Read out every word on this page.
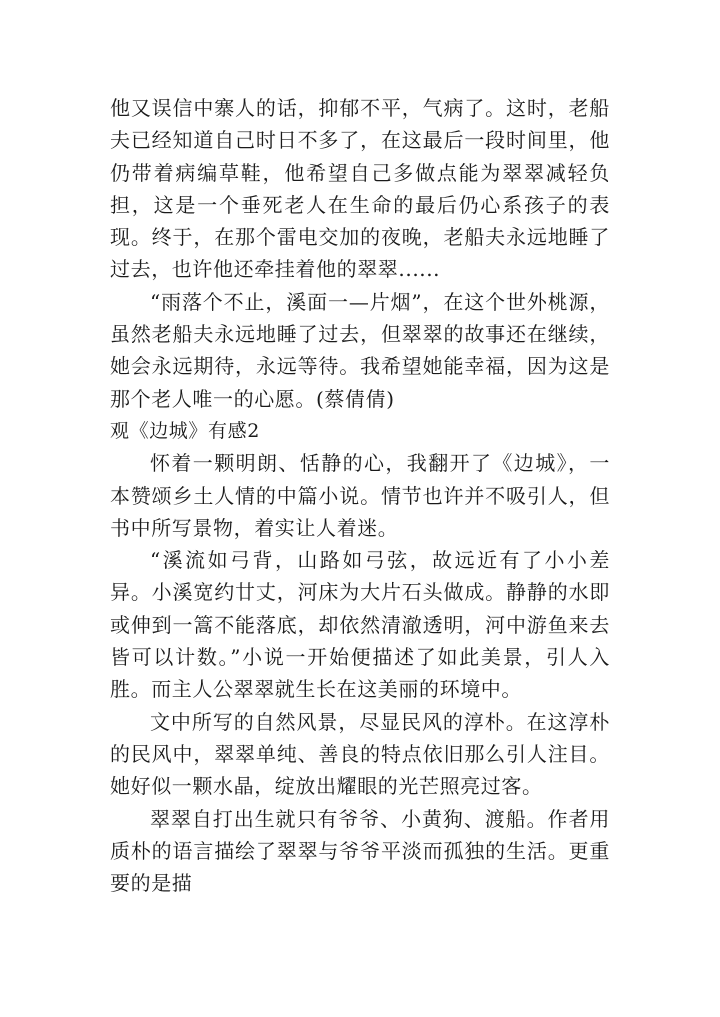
他又误信中寨人的话，抑郁不平，气病了。这时，老船夫已经知道自己时日不多了，在这最后一段时间里，他仍带着病编草鞋，他希望自己多做点能为翠翠减轻负担，这是一个垂死老人在生命的最后仍心系孩子的表现。终于，在那个雷电交加的夜晚，老船夫永远地睡了过去，也许他还牵挂着他的翠翠......

“雨落个不止，溪面一—片烟”，在这个世外桃源，虽然老船夫永远地睡了过去，但翠翠的故事还在继续，她会永远期待，永远等待。我希望她能幸福，因为这是那个老人唯一的心愿。(蔡倩倩)

观《边城》有感2

怀着一颗明朗、恬静的心，我翻开了《边城》，一本赞颂乡土人情的中篇小说。情节也许并不吸引人，但书中所写景物，着实让人着迷。

“溪流如弓背，山路如弓弦，故远近有了小小差异。小溪宽约廿丈，河床为大片石头做成。静静的水即或伸到一篙不能落底，却依然清澈透明，河中游鱼来去皆可以计数。”小说一开始便描述了如此美景，引人入胜。而主人公翠翠就生长在这美丽的环境中。

文中所写的自然风景，尽显民风的淳朴。在这淳朴的民风中，翠翠单纯、善良的特点依旧那么引人注目。她好似一颗水晶，绽放出耀眼的光芒照亮过客。

翠翠自打出生就只有爷爷、小黄狗、渡船。作者用质朴的语言描绘了翠翠与爷爷平淡而孤独的生活。更重要的是描
